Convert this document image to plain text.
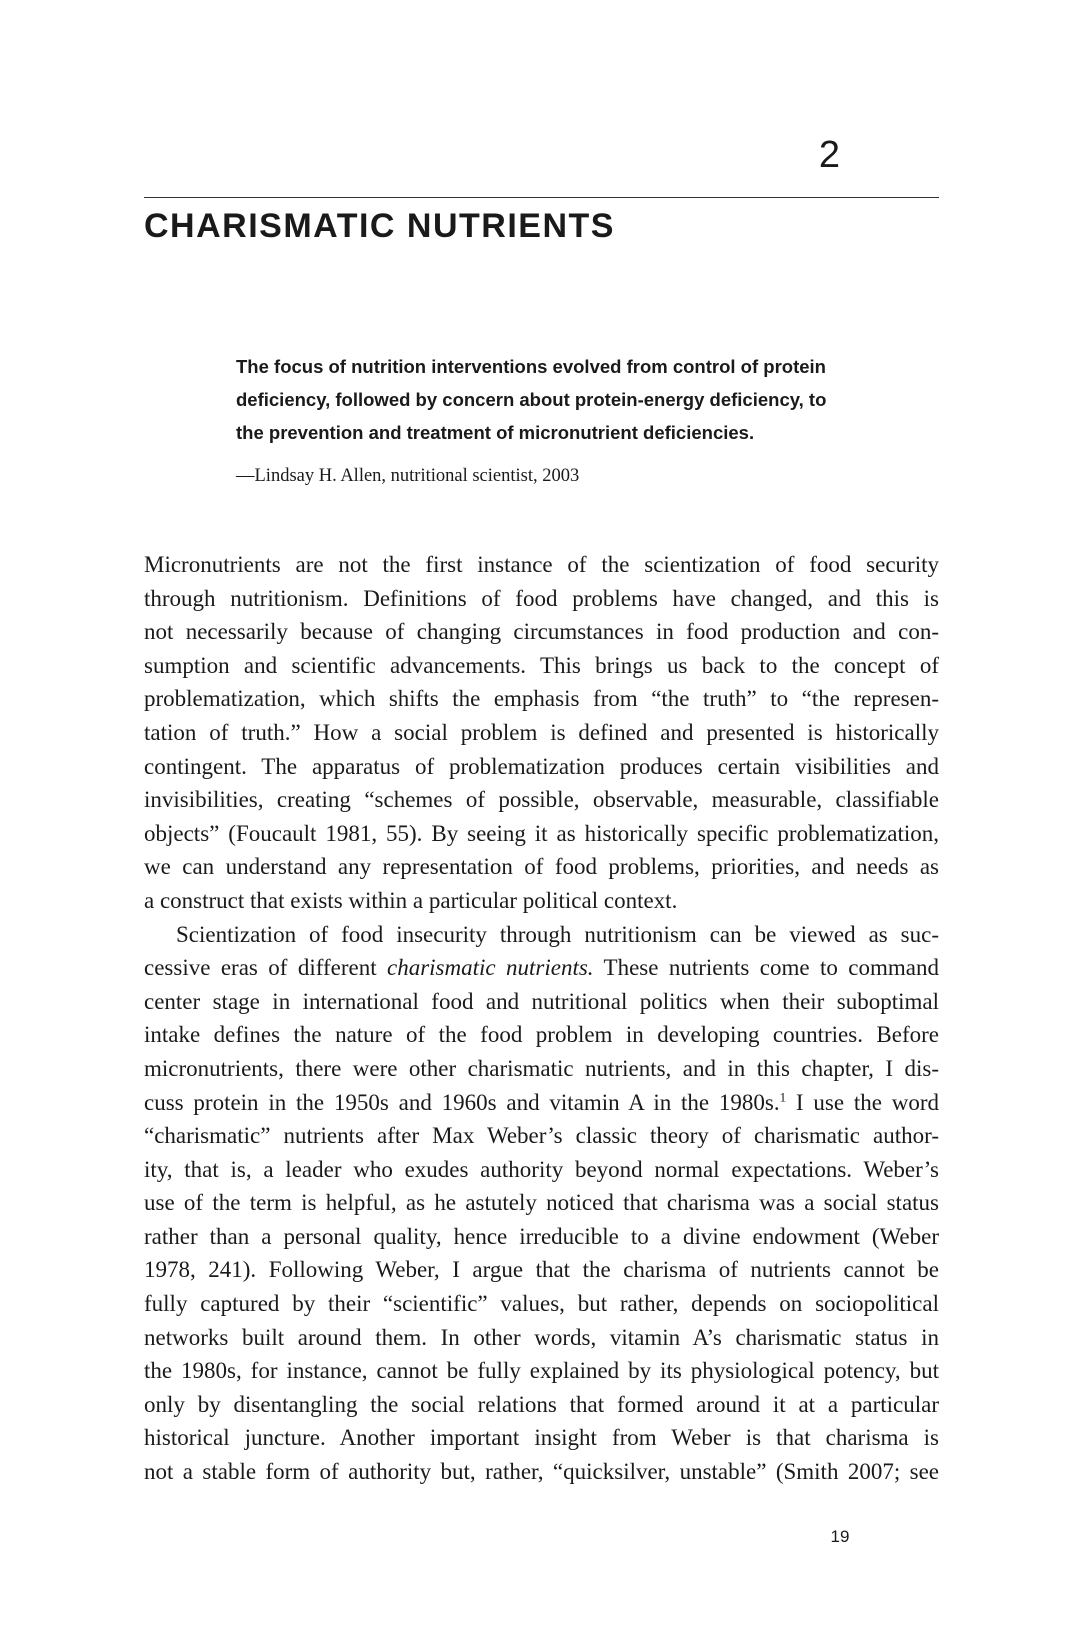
2
CHARISMATIC NUTRIENTS

The focus of nutrition interventions evolved from control of protein
deficiency, followed by concern about protein-energy deficiency, to
the prevention and treatment of micronutrient deficiencies.

—Lindsay H. Allen, nutritional scientist, 2003

Micronutrients are not the first instance of the scientization of food security
through nutritionism. Definitions of food problems have changed, and this is
not necessarily because of changing circumstances in food production and con-
sumption and scientific advancements. This brings us back to the concept of
problematization, which shifts the emphasis from “the truth” to “the represen-
tation of truth.” How a social problem is defined and presented is historically
contingent. The apparatus of problematization produces certain visibilities and
invisibilities, creating “schemes of possible, observable, measurable, classifiable
objects” (Foucault 1981, 55). By seeing it as historically specific problematization,
we can understand any representation of food problems, priorities, and needs as
a construct that exists within a particular political context.

Scientization of food insecurity through nutritionism can be viewed as suc-
cessive eras of different charismatic nutrients. These nutrients come to command
center stage in international food and nutritional politics when their suboptimal
intake defines the nature of the food problem in developing countries. Before
micronutrients, there were other charismatic nutrients, and in this chapter, I dis-
cuss protein in the 1950s and 1960s and vitamin A in the 1980s.$^1$ I use the word
“charismatic” nutrients after Max Weber’s classic theory of charismatic author-
ity, that is, a leader who exudes authority beyond normal expectations. Weber’s
use of the term is helpful, as he astutely noticed that charisma was a social status
rather than a personal quality, hence irreducible to a divine endowment (Weber
1978, 241). Following Weber, I argue that the charisma of nutrients cannot be
fully captured by their “scientific” values, but rather, depends on sociopolitical
networks built around them. In other words, vitamin A’s charismatic status in
the 1980s, for instance, cannot be fully explained by its physiological potency, but
only by disentangling the social relations that formed around it at a particular
historical juncture. Another important insight from Weber is that charisma is
not a stable form of authority but, rather, “quicksilver, unstable” (Smith 2007; see

19
